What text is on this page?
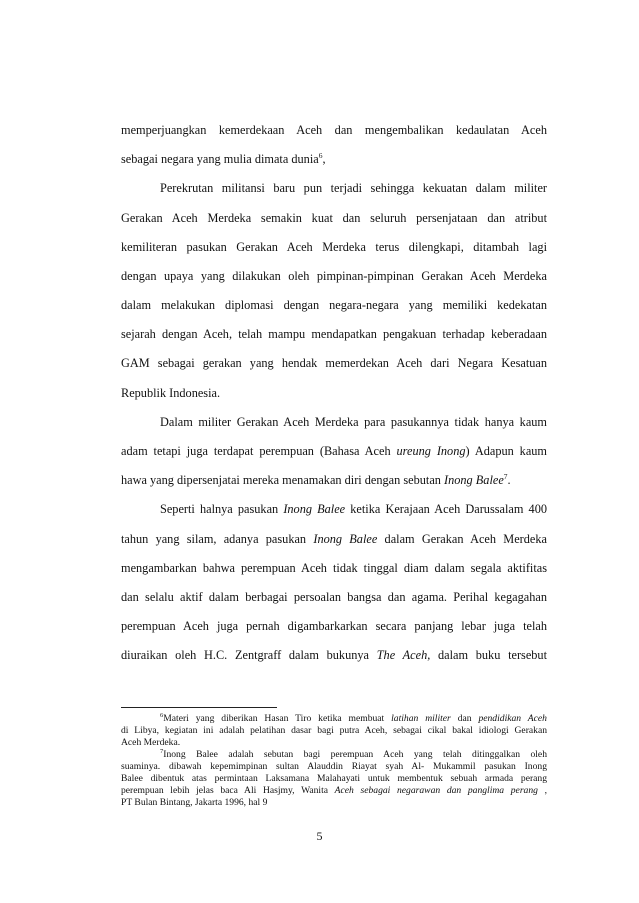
memperjuangkan kemerdekaan Aceh dan mengembalikan kedaulatan Aceh
sebagai negara yang mulia dimata dunia$^6$,
Perekrutan militansi baru pun terjadi sehingga kekuatan dalam militer
Gerakan Aceh Merdeka semakin kuat dan seluruh persenjataan dan atribut
kemiliteran pasukan Gerakan Aceh Merdeka terus dilengkapi, ditambah lagi
dengan upaya yang dilakukan oleh pimpinan-pimpinan Gerakan Aceh Merdeka
dalam melakukan diplomasi dengan negara-negara yang memiliki kedekatan
sejarah dengan Aceh, telah mampu mendapatkan pengakuan terhadap keberadaan
GAM sebagai gerakan yang hendak memerdekan Aceh dari Negara Kesatuan
Republik Indonesia.
Dalam militer Gerakan Aceh Merdeka para pasukannya tidak hanya kaum
adam tetapi juga terdapat perempuan (Bahasa Aceh ureung Inong) Adapun kaum
hawa yang dipersenjatai mereka menamakan diri dengan sebutan Inong Balee$^7$.
Seperti halnya pasukan Inong Balee ketika Kerajaan Aceh Darussalam 400
tahun yang silam, adanya pasukan Inong Balee dalam Gerakan Aceh Merdeka
mengambarkan bahwa perempuan Aceh tidak tinggal diam dalam segala aktifitas
dan selalu aktif dalam berbagai persoalan bangsa dan agama. Perihal kegagahan
perempuan Aceh juga pernah digambarkarkan secara panjang lebar juga telah
diuraikan oleh H.C. Zentgraff dalam bukunya The Aceh, dalam buku tersebut
$^6$Materi yang diberikan Hasan Tiro ketika membuat latihan militer dan pendidikan Aceh
di Libya, kegiatan ini adalah pelatihan dasar bagi putra Aceh, sebagai cikal bakal idiologi Gerakan
Aceh Merdeka.
$^7$Inong Balee adalah sebutan bagi perempuan Aceh yang telah ditinggalkan oleh
suaminya. dibawah kepemimpinan sultan Alauddin Riayat syah Al- Mukammil pasukan Inong
Balee dibentuk atas permintaan Laksamana Malahayati untuk membentuk sebuah armada perang
perempuan lebih jelas baca Ali Hasjmy, Wanita Aceh sebagai negarawan dan panglima perang ,
PT Bulan Bintang, Jakarta 1996, hal 9
5
